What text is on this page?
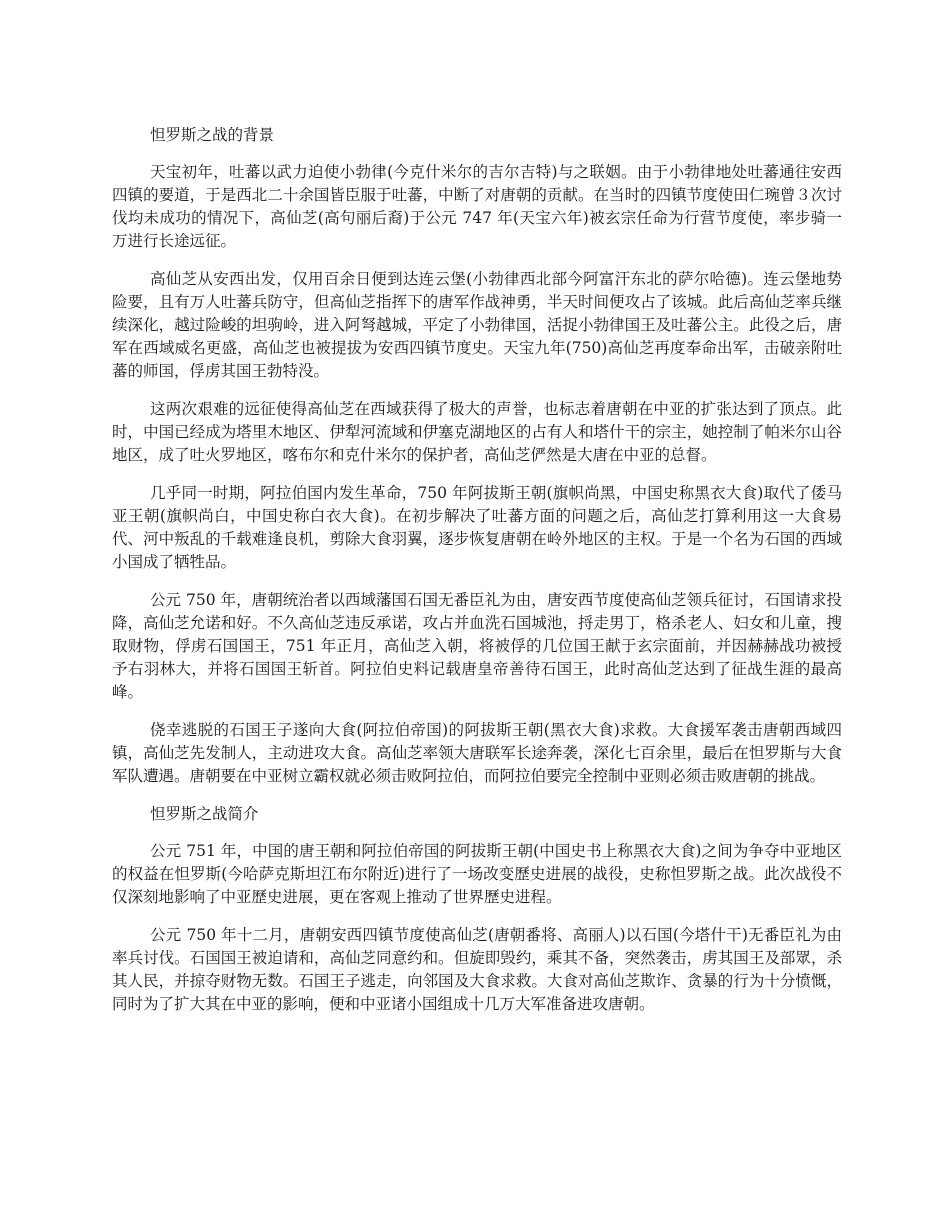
怛罗斯之战的背景

天宝初年，吐蕃以武力迫使小勃律(今克什米尔的吉尔吉特)与之联姻。由于小勃律地处吐蕃通往安西四镇的要道，于是西北二十余国皆臣服于吐蕃，中断了对唐朝的贡献。在当时的四镇节度使田仁琬曾３次讨伐均未成功的情况下，高仙芝(高句丽后裔)于公元 747 年(天宝六年)被玄宗任命为行营节度使，率步骑一万进行长途远征。

高仙芝从安西出发，仅用百余日便到达连云堡(小勃律西北部今阿富汗东北的萨尔哈德)。连云堡地势险要，且有万人吐蕃兵防守，但高仙芝指挥下的唐军作战神勇，半天时间便攻占了该城。此后高仙芝率兵继续深化，越过险峻的坦驹岭，进入阿弩越城，平定了小勃律国，活捉小勃律国王及吐蕃公主。此役之后，唐军在西域威名更盛，高仙芝也被提拔为安西四镇节度史。天宝九年(750)高仙芝再度奉命出军，击破亲附吐蕃的师国，俘虏其国王勃特没。

这两次艰难的远征使得高仙芝在西域获得了极大的声誉，也标志着唐朝在中亚的扩张达到了顶点。此时，中国已经成为塔里木地区、伊犁河流域和伊塞克湖地区的占有人和塔什干的宗主，她控制了帕米尔山谷地区，成了吐火罗地区，喀布尔和克什米尔的保护者，高仙芝俨然是大唐在中亚的总督。

几乎同一时期，阿拉伯国内发生革命，750 年阿拔斯王朝(旗帜尚黑，中国史称黑衣大食)取代了倭马亚王朝(旗帜尚白，中国史称白衣大食)。在初步解决了吐蕃方面的问题之后，高仙芝打算利用这一大食易代、河中叛乱的千载难逢良机，剪除大食羽翼，逐步恢复唐朝在岭外地区的主权。于是一个名为石国的西域小国成了牺牲品。

公元 750 年，唐朝统治者以西域藩国石国无番臣礼为由，唐安西节度使高仙芝领兵征讨，石国请求投降，高仙芝允诺和好。不久高仙芝违反承诺，攻占并血洗石国城池，捋走男丁，格杀老人、妇女和儿童，搜取财物，俘虏石国国王，751 年正月，高仙芝入朝，将被俘的几位国王献于玄宗面前，并因赫赫战功被授予右羽林大，并将石国国王斩首。阿拉伯史料记载唐皇帝善待石国王，此时高仙芝达到了征战生涯的最高峰。

侥幸逃脱的石国王子遂向大食(阿拉伯帝国)的阿拔斯王朝(黑衣大食)求救。大食援军袭击唐朝西域四镇，高仙芝先发制人，主动进攻大食。高仙芝率领大唐联军长途奔袭，深化七百余里，最后在怛罗斯与大食军队遭遇。唐朝要在中亚树立霸权就必须击败阿拉伯，而阿拉伯要完全控制中亚则必须击败唐朝的挑战。

怛罗斯之战简介

公元 751 年，中国的唐王朝和阿拉伯帝国的阿拔斯王朝(中国史书上称黑衣大食)之间为争夺中亚地区的权益在怛罗斯(今哈萨克斯坦江布尔附近)进行了一场改变歷史进展的战役，史称怛罗斯之战。此次战役不仅深刻地影响了中亚歷史进展，更在客观上推动了世界歷史进程。

公元 750 年十二月，唐朝安西四镇节度使高仙芝(唐朝番将、高丽人)以石国(今塔什干)无番臣礼为由率兵讨伐。石国国王被迫请和，高仙芝同意约和。但旋即毁约，乘其不备，突然袭击，虏其国王及部眾，杀其人民，并掠夺财物无数。石国王子逃走，向邻国及大食求救。大食对高仙芝欺诈、贪暴的行为十分愤慨，同时为了扩大其在中亚的影响，便和中亚诸小国组成十几万大军准备进攻唐朝。
